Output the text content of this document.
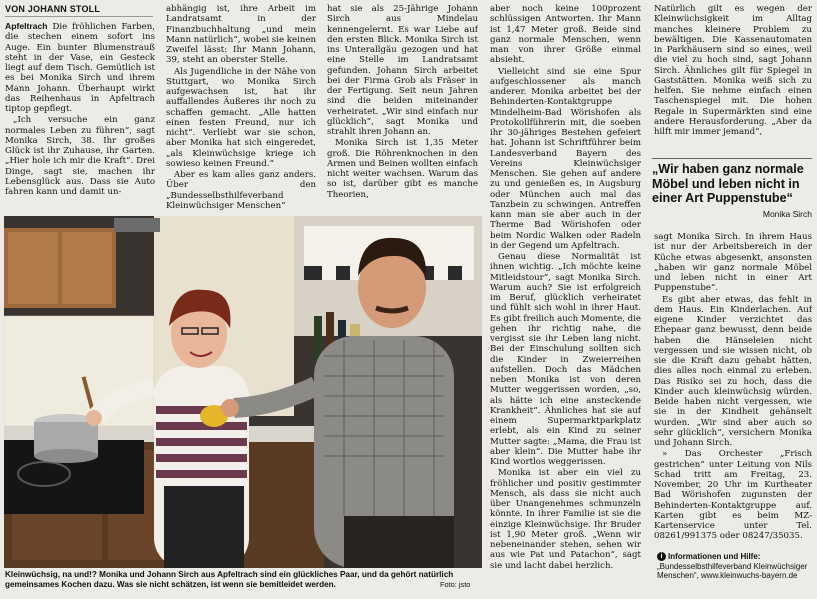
VON JOHANN STOLL

Apfeltrach Die fröhlichen Farben, die stechen einem sofort ins Auge. Ein bunter Blumenstrauß steht in der Vase, ein Gesteck liegt auf dem Tisch. Gemütlich ist es bei Monika Sirch und ihrem Mann Johann. Überhaupt wirkt das Reihenhaus in Apfeltrach tiptop gepflegt.

„Ich versuche ein ganz normales Leben zu führen“, sagt Monika Sirch, 38. Ihr großes Glück ist ihr Zuhause, ihr Garten. „Hier hole ich mir die Kraft“. Drei Dinge, sagt sie, machen ihr Lebensglück aus. Dass sie Auto fahren kann und damit un-

abhängig ist, ihre Arbeit im Landratsamt in der Finanzbuchhaltung „und mein Mann natürlich“, wobei sie keinen Zweifel lässt: Ihr Mann Johann, 39, steht an oberster Stelle.

Als Jugendliche in der Nähe von Stuttgart, wo Monika Sirch aufgewachsen ist, hat ihr auffallendes Äußeres ihr noch zu schaffen gemacht. „Alle hatten einen festen Freund, nur ich nicht“. Verliebt war sie schon, aber Monika hat sich eingeredet, „als Kleinwüchsige kriege ich sowieso keinen Freund.“

Aber es kam alles ganz anders. Über den „Bundesselbsthilfeverband Kleinwüchsiger Menschen“

hat sie als 25-Jährige Johann Sirch aus Mindelau kennengelernt. Es war Liebe auf den ersten Blick. Monika Sirch ist ins Unterallgäu gezogen und hat eine Stelle im Landratsamt gefunden. Johann Sirch arbeitet bei der Firma Grob als Fräser in der Fertigung. Seit neun Jahren sind die beiden miteinander verheiratet. „Wir sind einfach nur glücklich“, sagt Monika und strahlt ihren Johann an.

Monika Sirch ist 1,35 Meter groß. Die Röhrenknochen in den Armen und Beinen wollten einfach nicht weiter wachsen. Warum das so ist, darüber gibt es manche Theorien,

aber noch keine 100prozent schlüssigen Antworten. Ihr Mann ist 1,47 Meter groß. Beide sind ganz normale Menschen, wenn man von ihrer Größe einmal absieht.

Vielleicht sind sie eine Spur aufgeschlossener als manch anderer. Monika arbeitet bei der Behinderten-Kontaktgruppe Mindelheim-Bad Wörishofen als Protokollführerin mit, die soeben ihr 30-jähriges Bestehen gefeiert hat. Johann ist Schriftführer beim Landesverband Bayern des Vereins Kleinwüchsiger Menschen. Sie gehen auf andere zu und genießen es, in Augsburg oder München auch mal das Tanzbein zu schwingen. Antreffen kann man sie aber auch in der Therme Bad Wörishofen oder beim Nordic Walken oder Radeln in der Gegend um Apfeltrach.

Genau diese Normalität ist ihnen wichtig. „Ich möchte keine Mitleidstour“, sagt Monika Sirch. Warum auch? Sie ist erfolgreich im Beruf, glücklich verheiratet und fühlt sich wohl in ihrer Haut. Es gibt freilich auch Momente, die gehen ihr richtig nahe, die vergisst sie ihr Leben lang nicht. Bei der Einschulung sollten sich die Kinder in Zweierreihen aufstellen. Doch das Mädchen neben Monika ist von deren Mutter weggerissen worden, „so, als hätte ich eine ansteckende Krankheit“. Ähnliches hat sie auf einem Supermarktparkplatz erlebt, als ein Kind zu seiner Mutter sagte: „Mama, die Frau ist aber klein“. Die Mutter habe ihr Kind wortlos weggerissen.

Monika ist aber ein viel zu fröhlicher und positiv gestimmter Mensch, als dass sie nicht auch über Unangenehmes schmunzeln könnte. In ihrer Familie ist sie die einzige Kleinwüchsige. Ihr Bruder ist 1,90 Meter groß. „Wenn wir nebeneinander stehen, sehen wir aus wie Pat und Patachon“, sagt sie und lacht dabei herzlich.

Natürlich gilt es wegen der Kleinwüchsigkeit im Alltag manches kleinere Problem zu bewältigen. Die Kassenautomaten in Parkhäusern sind so eines, weil die viel zu hoch sind, sagt Johann Sirch. Ähnliches gilt für Spiegel in Gaststätten. Monika weiß sich zu helfen. Sie nehme einfach einen Taschenspiegel mit. Die hohen Regale in Supermärkten sind eine andere Herausforderung. „Aber da hilft mir immer jemand“,

„Wir haben ganz normale Möbel und leben nicht in einer Art Puppenstube“
Monika Sirch

sagt Monika Sirch. In ihrem Haus ist nur der Arbeitsbereich in der Küche etwas abgesenkt, ansonsten „haben wir ganz normale Möbel und leben nicht in einer Art Puppenstube“.

Es gibt aber etwas, das fehlt in dem Haus. Ein Kinderlachen. Auf eigene Kinder verzichtet das Ehepaar ganz bewusst, denn beide haben die Hänseleien nicht vergessen und sie wissen nicht, ob sie die Kraft dazu gehabt hätten, dies alles noch einmal zu erleben. Das Risiko sei zu hoch, dass die Kinder auch kleinwüchsig würden. Beide haben nicht vergessen, wie sie in der Kindheit gehänselt wurden. „Wir sind aber auch so sehr glücklich“, versichern Monika und Johann Sirch.

» Das Orchester „Frisch gestrichen“ unter Leitung von Nils Schad tritt am Freitag, 23. November, 20 Uhr im Kurtheater Bad Wörishofen zugunsten der Behinderten-Kontaktgruppe auf. Karten gibt es beim MZ-Kartenservice unter Tel. 08261/991375 oder 08247/35035.

i Informationen und Hilfe: „Bundesselbsthilfeverband Kleinwüchsiger Menschen“, www.kleinwuchs-bayern.de
Kleinwüchsig, na und!? Monika und Johann Sirch aus Apfeltrach sind ein glückliches Paar, und da gehört natürlich gemeinsames Kochen dazu. Was sie nicht schätzen, ist wenn sie bemitleidet werden.	Foto: jsto
